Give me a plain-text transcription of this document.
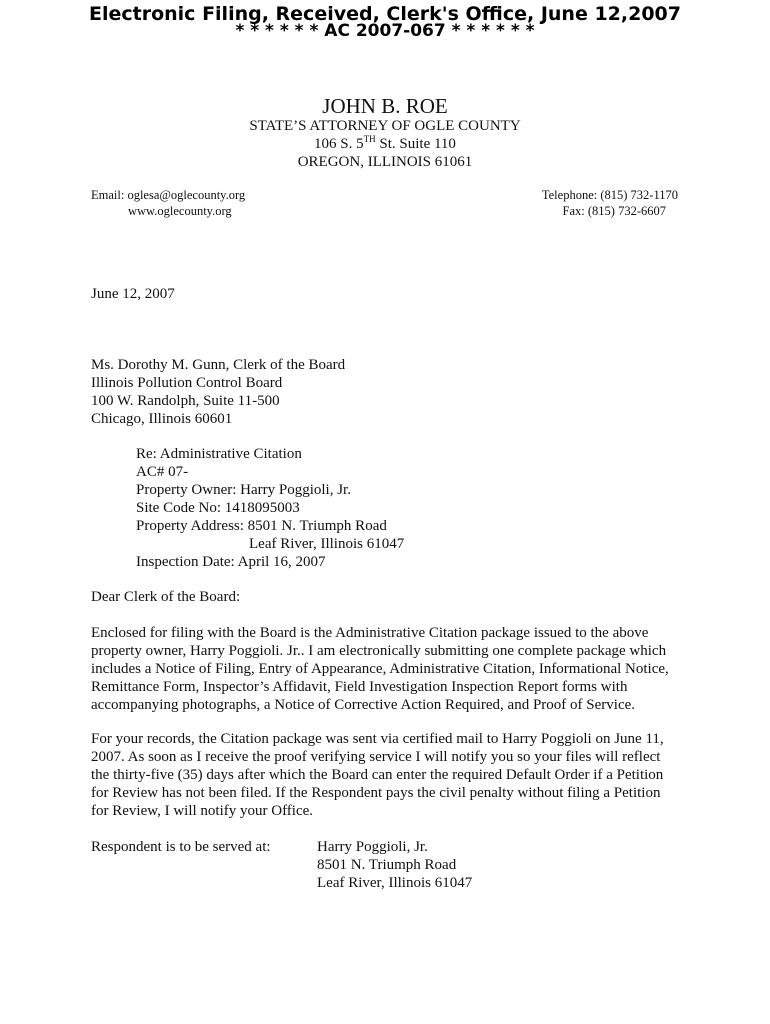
Electronic Filing, Received, Clerk's Office, June 12,2007
* * * * * * AC 2007-067 * * * * * *
JOHN B. ROE
STATE’S ATTORNEY OF OGLE COUNTY
106 S. 5TH St. Suite 110
OREGON, ILLINOIS 61061
Email: oglesa@oglecounty.org
www.oglecounty.org
Telephone: (815) 732-1170
Fax: (815) 732-6607
June 12, 2007
Ms. Dorothy M. Gunn, Clerk of the Board
Illinois Pollution Control Board
100 W. Randolph, Suite 11-500
Chicago, Illinois 60601
Re: Administrative Citation
AC# 07-
Property Owner: Harry Poggioli, Jr.
Site Code No: 1418095003
Property Address: 8501 N. Triumph Road
Leaf River, Illinois 61047
Inspection Date: April 16, 2007
Dear Clerk of the Board:
Enclosed for filing with the Board is the Administrative Citation package issued to the above
property owner, Harry Poggioli. Jr.. I am electronically submitting one complete package which
includes a Notice of Filing, Entry of Appearance, Administrative Citation, Informational Notice,
Remittance Form, Inspector’s Affidavit, Field Investigation Inspection Report forms with
accompanying photographs, a Notice of Corrective Action Required, and Proof of Service.
For your records, the Citation package was sent via certified mail to Harry Poggioli on June 11,
2007. As soon as I receive the proof verifying service I will notify you so your files will reflect
the thirty-five (35) days after which the Board can enter the required Default Order if a Petition
for Review has not been filed. If the Respondent pays the civil penalty without filing a Petition
for Review, I will notify your Office.
Respondent is to be served at:	Harry Poggioli, Jr.
8501 N. Triumph Road
Leaf River, Illinois 61047
